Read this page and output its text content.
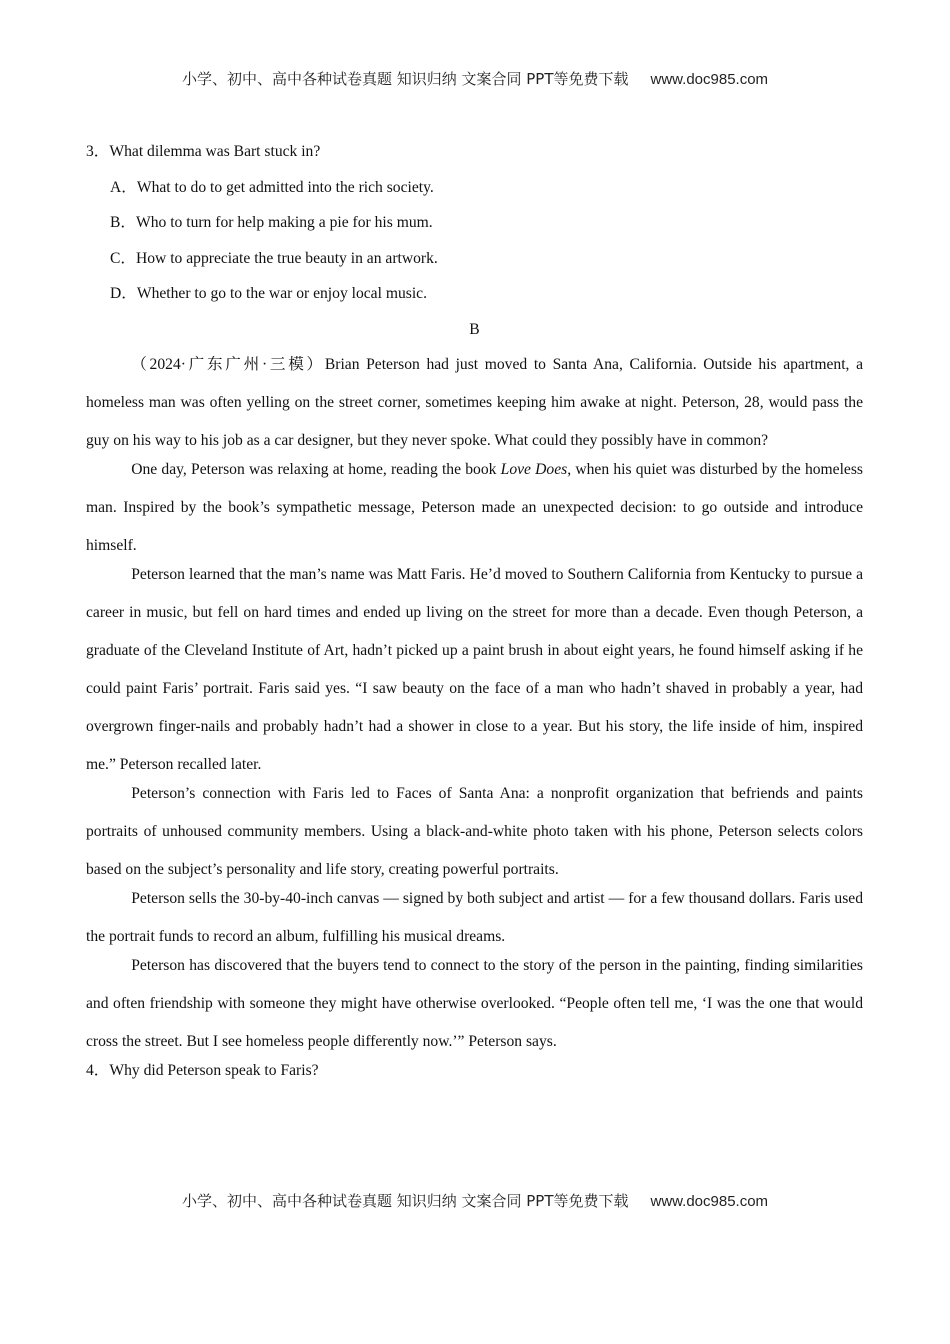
小学、初中、高中各种试卷真题 知识归纳 文案合同 PPT等免费下载 www.doc985.com
3．What dilemma was Bart stuck in?
A．What to do to get admitted into the rich society.
B．Who to turn for help making a pie for his mum.
C．How to appreciate the true beauty in an artwork.
D．Whether to go to the war or enjoy local music.
B

（2024·广东广州·三模）Brian Peterson had just moved to Santa Ana, California. Outside his apartment, a homeless man was often yelling on the street corner, sometimes keeping him awake at night. Peterson, 28, would pass the guy on his way to his job as a car designer, but they never spoke. What could they possibly have in common?

One day, Peterson was relaxing at home, reading the book Love Does, when his quiet was disturbed by the homeless man. Inspired by the book’s sympathetic message, Peterson made an unexpected decision: to go outside and introduce himself.

Peterson learned that the man’s name was Matt Faris. He’d moved to Southern California from Kentucky to pursue a career in music, but fell on hard times and ended up living on the street for more than a decade. Even though Peterson, a graduate of the Cleveland Institute of Art, hadn’t picked up a paint brush in about eight years, he found himself asking if he could paint Faris’ portrait. Faris said yes. “I saw beauty on the face of a man who hadn’t shaved in probably a year, had overgrown finger-nails and probably hadn’t had a shower in close to a year. But his story, the life inside of him, inspired me.” Peterson recalled later.

Peterson’s connection with Faris led to Faces of Santa Ana: a nonprofit organization that befriends and paints portraits of unhoused community members. Using a black-and-white photo taken with his phone, Peterson selects colors based on the subject’s personality and life story, creating powerful portraits.

Peterson sells the 30-by-40-inch canvas — signed by both subject and artist — for a few thousand dollars. Faris used the portrait funds to record an album, fulfilling his musical dreams.

Peterson has discovered that the buyers tend to connect to the story of the person in the painting, finding similarities and often friendship with someone they might have otherwise overlooked. “People often tell me, ‘I was the one that would cross the street. But I see homeless people differently now.’” Peterson says.

4．Why did Peterson speak to Faris?
小学、初中、高中各种试卷真题 知识归纳 文案合同 PPT等免费下载 www.doc985.com
